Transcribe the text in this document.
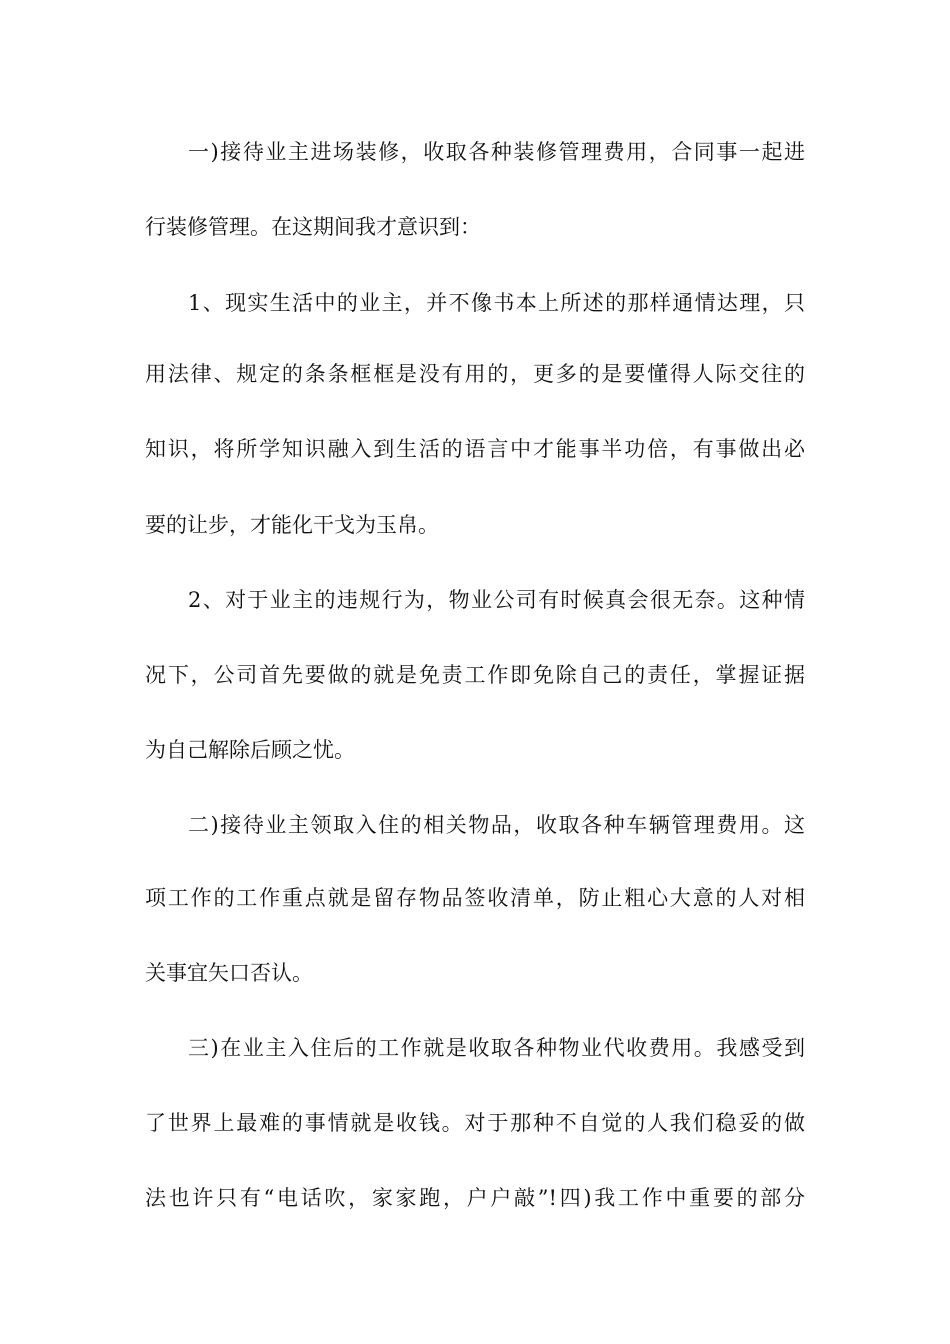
一)接待业主进场装修，收取各种装修管理费用，合同事一起进
行装修管理。在这期间我才意识到：
1、现实生活中的业主，并不像书本上所述的那样通情达理，只
用法律、规定的条条框框是没有用的，更多的是要懂得人际交往的
知识，将所学知识融入到生活的语言中才能事半功倍，有事做出必
要的让步，才能化干戈为玉帛。
2、对于业主的违规行为，物业公司有时候真会很无奈。这种情
况下，公司首先要做的就是免责工作即免除自己的责任，掌握证据
为自己解除后顾之忧。
二)接待业主领取入住的相关物品，收取各种车辆管理费用。这
项工作的工作重点就是留存物品签收清单，防止粗心大意的人对相
关事宜矢口否认。
三)在业主入住后的工作就是收取各种物业代收费用。我感受到
了世界上最难的事情就是收钱。对于那种不自觉的人我们稳妥的做
法也许只有“电话吹，家家跑，户户敲”!四)我工作中重要的部分
